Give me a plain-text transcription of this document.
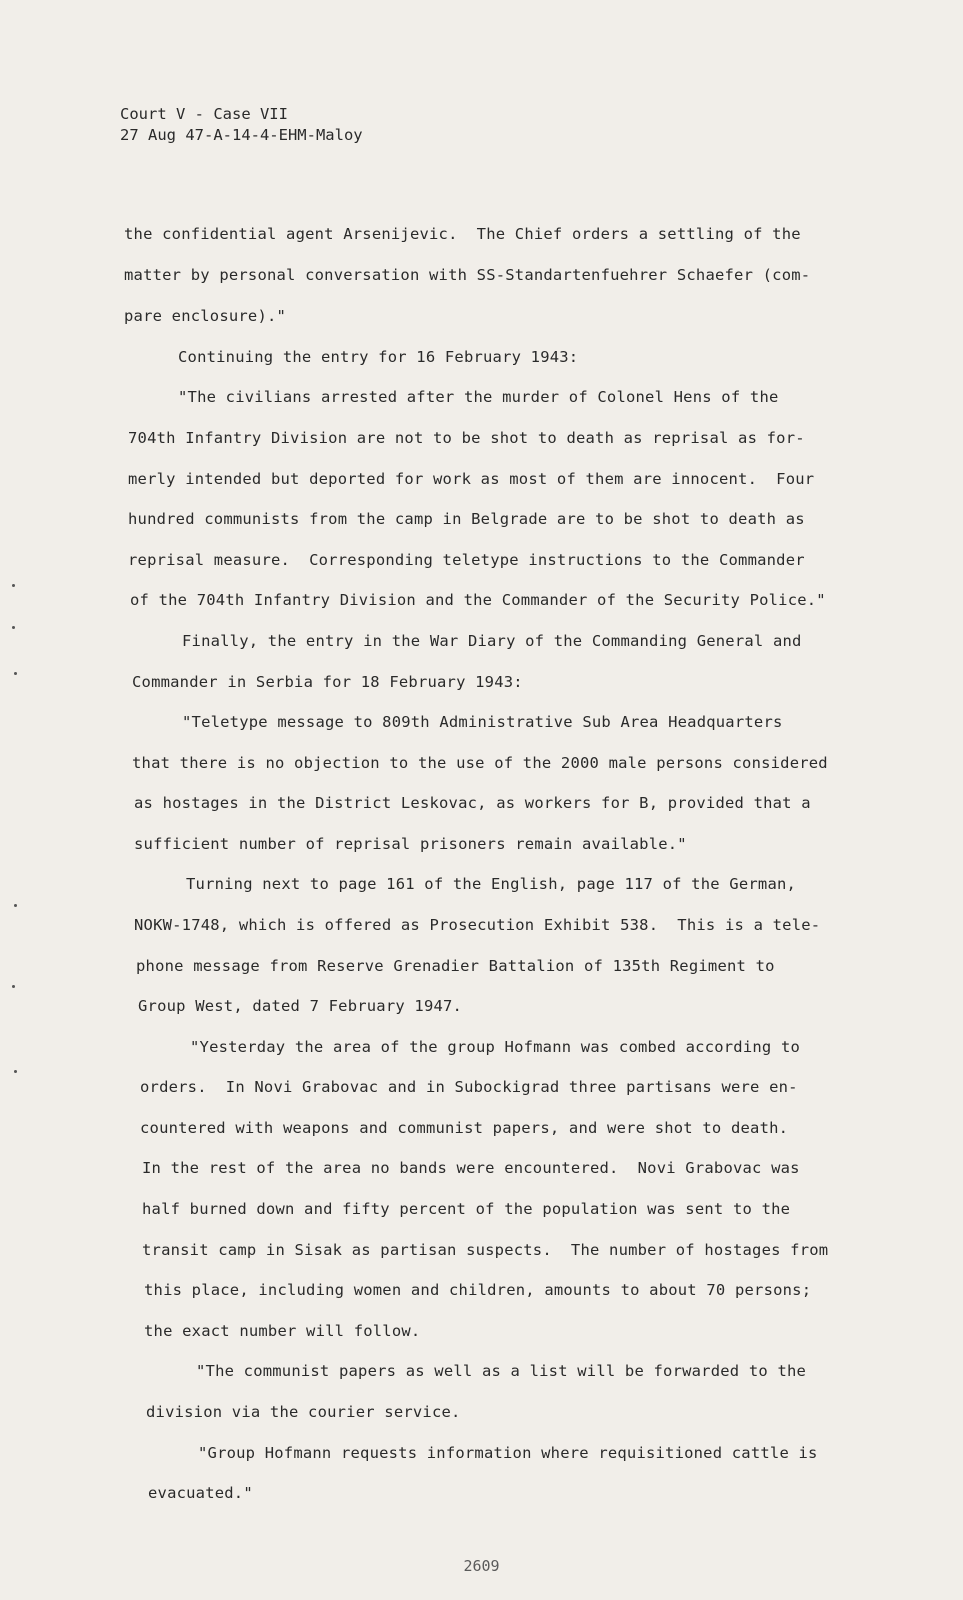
Court V - Case VII
27 Aug 47-A-14-4-EHM-Maloy
the confidential agent Arsenijevic.  The Chief orders a settling of the
matter by personal conversation with SS-Standartenfuehrer Schaefer (com-
pare enclosure)."
Continuing the entry for 16 February 1943:
"The civilians arrested after the murder of Colonel Hens of the
704th Infantry Division are not to be shot to death as reprisal as for-
merly intended but deported for work as most of them are innocent.  Four
hundred communists from the camp in Belgrade are to be shot to death as
reprisal measure.  Corresponding teletype instructions to the Commander
of the 704th Infantry Division and the Commander of the Security Police."
Finally, the entry in the War Diary of the Commanding General and
Commander in Serbia for 18 February 1943:
"Teletype message to 809th Administrative Sub Area Headquarters
that there is no objection to the use of the 2000 male persons considered
as hostages in the District Leskovac, as workers for B, provided that a
sufficient number of reprisal prisoners remain available."
Turning next to page 161 of the English, page 117 of the German,
NOKW-1748, which is offered as Prosecution Exhibit 538.  This is a tele-
phone message from Reserve Grenadier Battalion of 135th Regiment to
Group West, dated 7 February 1947.
"Yesterday the area of the group Hofmann was combed according to
orders.  In Novi Grabovac and in Subockigrad three partisans were en-
countered with weapons and communist papers, and were shot to death.
In the rest of the area no bands were encountered.  Novi Grabovac was
half burned down and fifty percent of the population was sent to the
transit camp in Sisak as partisan suspects.  The number of hostages from
this place, including women and children, amounts to about 70 persons;
the exact number will follow.
"The communist papers as well as a list will be forwarded to the
division via the courier service.
"Group Hofmann requests information where requisitioned cattle is
evacuated."
2609
